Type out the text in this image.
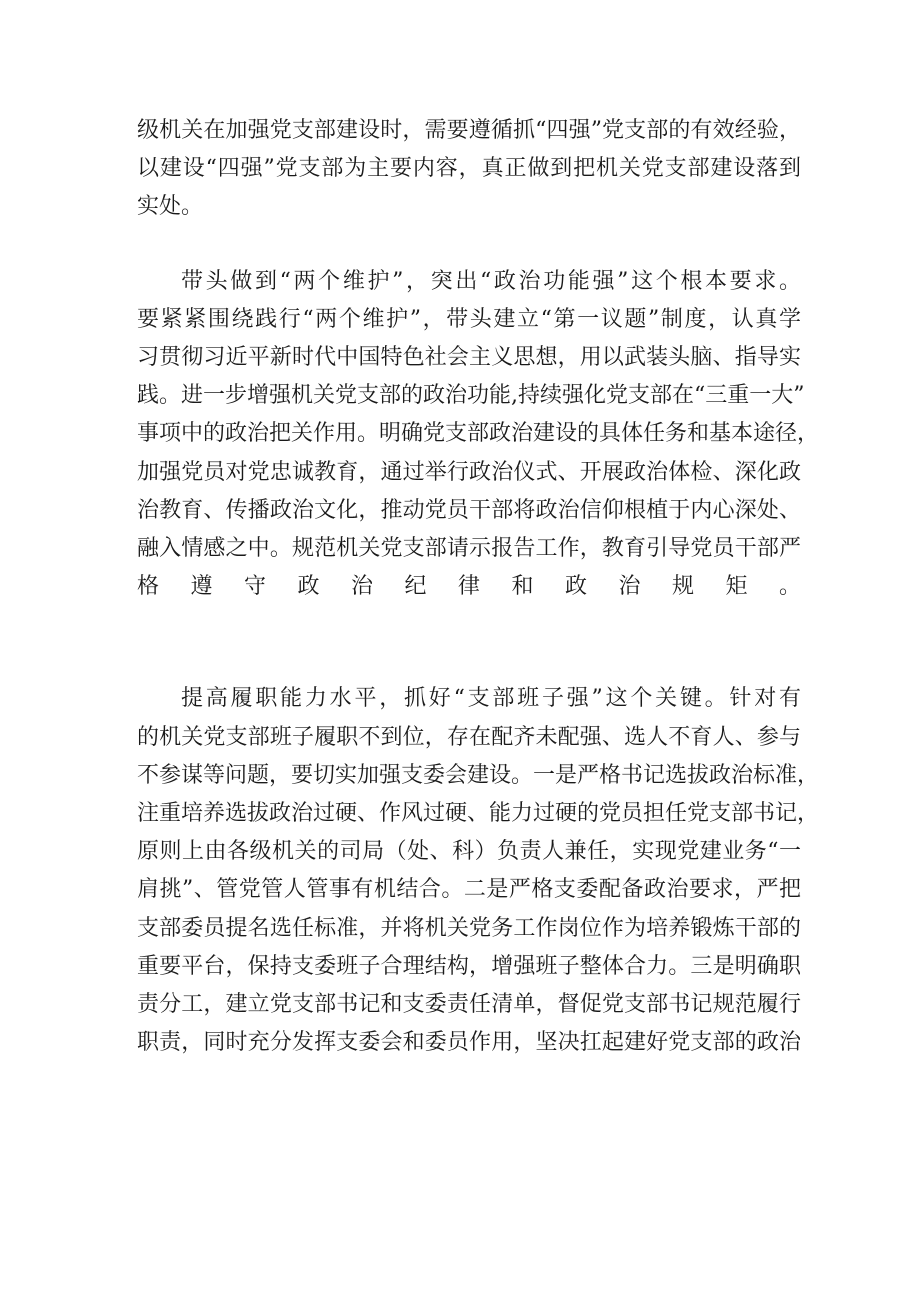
级机关在加强党支部建设时，需要遵循抓“四强”党支部的有效经验，
以建设“四强”党支部为主要内容，真正做到把机关党支部建设落到
实处。
带头做到“两个维护”，突出“政治功能强”这个根本要求。
要紧紧围绕践行“两个维护”，带头建立“第一议题”制度，认真学
习贯彻习近平新时代中国特色社会主义思想，用以武装头脑、指导实
践。进一步增强机关党支部的政治功能,持续强化党支部在“三重一大”
事项中的政治把关作用。明确党支部政治建设的具体任务和基本途径，
加强党员对党忠诚教育，通过举行政治仪式、开展政治体检、深化政
治教育、传播政治文化，推动党员干部将政治信仰根植于内心深处、
融入情感之中。规范机关党支部请示报告工作，教育引导党员干部严
格遵守政治纪律和政治规矩。
提高履职能力水平，抓好“支部班子强”这个关键。针对有
的机关党支部班子履职不到位，存在配齐未配强、选人不育人、参与
不参谋等问题，要切实加强支委会建设。一是严格书记选拔政治标准，
注重培养选拔政治过硬、作风过硬、能力过硬的党员担任党支部书记，
原则上由各级机关的司局（处、科）负责人兼任，实现党建业务“一
肩挑”、管党管人管事有机结合。二是严格支委配备政治要求，严把
支部委员提名选任标准，并将机关党务工作岗位作为培养锻炼干部的
重要平台，保持支委班子合理结构，增强班子整体合力。三是明确职
责分工，建立党支部书记和支委责任清单，督促党支部书记规范履行
职责，同时充分发挥支委会和委员作用，坚决扛起建好党支部的政治
